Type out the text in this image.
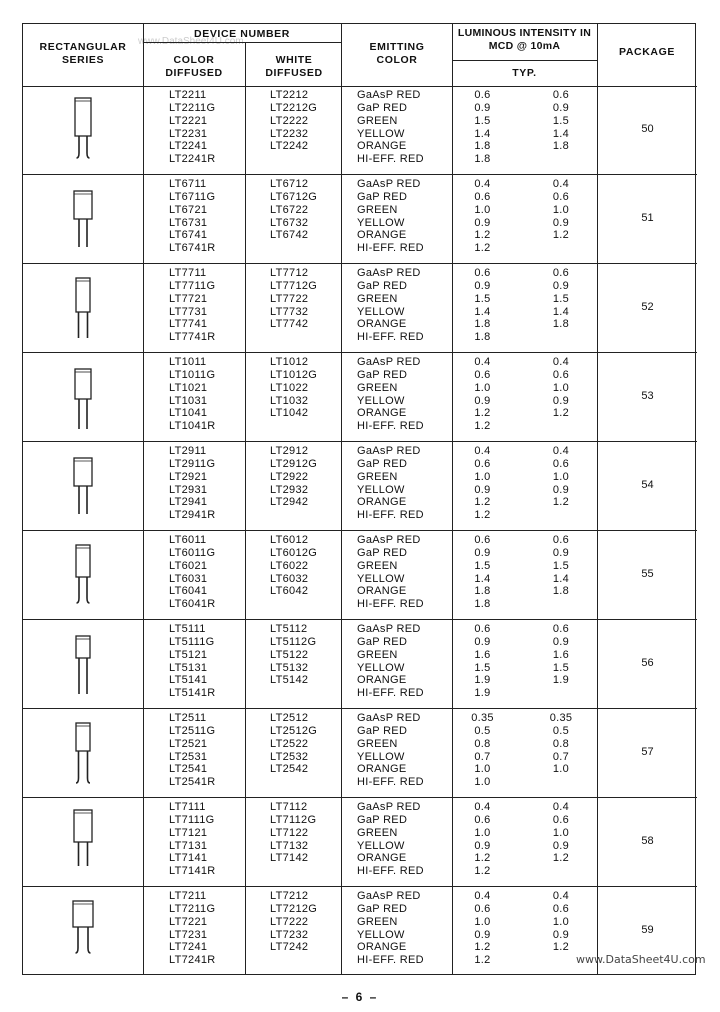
www.DataSheet4U.com
RECTANGULAR SERIES
DEVICE NUMBER
COLOR DIFFUSED
WHITE DIFFUSED
EMITTING COLOR
LUMINOUS INTENSITY IN MCD @ 10mA
TYP.
PACKAGE
LT2211
LT2211G
LT2221
LT2231
LT2241
LT2241R
LT2212
LT2212G
LT2222
LT2232
LT2242
GaAsP RED
GaP RED
GREEN
YELLOW
ORANGE
HI-EFF. RED
0.6
0.9
1.5
1.4
1.8
1.8
0.6
0.9
1.5
1.4
1.8
50
LT6711
LT6711G
LT6721
LT6731
LT6741
LT6741R
LT6712
LT6712G
LT6722
LT6732
LT6742
GaAsP RED
GaP RED
GREEN
YELLOW
ORANGE
HI-EFF. RED
0.4
0.6
1.0
0.9
1.2
1.2
0.4
0.6
1.0
0.9
1.2
51
LT7711
LT7711G
LT7721
LT7731
LT7741
LT7741R
LT7712
LT7712G
LT7722
LT7732
LT7742
GaAsP RED
GaP RED
GREEN
YELLOW
ORANGE
HI-EFF. RED
0.6
0.9
1.5
1.4
1.8
1.8
0.6
0.9
1.5
1.4
1.8
52
LT1011
LT1011G
LT1021
LT1031
LT1041
LT1041R
LT1012
LT1012G
LT1022
LT1032
LT1042
GaAsP RED
GaP RED
GREEN
YELLOW
ORANGE
HI-EFF. RED
0.4
0.6
1.0
0.9
1.2
1.2
0.4
0.6
1.0
0.9
1.2
53
LT2911
LT2911G
LT2921
LT2931
LT2941
LT2941R
LT2912
LT2912G
LT2922
LT2932
LT2942
GaAsP RED
GaP RED
GREEN
YELLOW
ORANGE
HI-EFF. RED
0.4
0.6
1.0
0.9
1.2
1.2
0.4
0.6
1.0
0.9
1.2
54
LT6011
LT6011G
LT6021
LT6031
LT6041
LT6041R
LT6012
LT6012G
LT6022
LT6032
LT6042
GaAsP RED
GaP RED
GREEN
YELLOW
ORANGE
HI-EFF. RED
0.6
0.9
1.5
1.4
1.8
1.8
0.6
0.9
1.5
1.4
1.8
55
LT5111
LT5111G
LT5121
LT5131
LT5141
LT5141R
LT5112
LT5112G
LT5122
LT5132
LT5142
GaAsP RED
GaP RED
GREEN
YELLOW
ORANGE
HI-EFF. RED
0.6
0.9
1.6
1.5
1.9
1.9
0.6
0.9
1.6
1.5
1.9
56
LT2511
LT2511G
LT2521
LT2531
LT2541
LT2541R
LT2512
LT2512G
LT2522
LT2532
LT2542
GaAsP RED
GaP RED
GREEN
YELLOW
ORANGE
HI-EFF. RED
0.35
0.5
0.8
0.7
1.0
1.0
0.35
0.5
0.8
0.7
1.0
57
LT7111
LT7111G
LT7121
LT7131
LT7141
LT7141R
LT7112
LT7112G
LT7122
LT7132
LT7142
GaAsP RED
GaP RED
GREEN
YELLOW
ORANGE
HI-EFF. RED
0.4
0.6
1.0
0.9
1.2
1.2
0.4
0.6
1.0
0.9
1.2
58
LT7211
LT7211G
LT7221
LT7231
LT7241
LT7241R
LT7212
LT7212G
LT7222
LT7232
LT7242
GaAsP RED
GaP RED
GREEN
YELLOW
ORANGE
HI-EFF. RED
0.4
0.6
1.0
0.9
1.2
1.2
0.4
0.6
1.0
0.9
1.2
59
www.DataSheet4U.com
– 6 –
